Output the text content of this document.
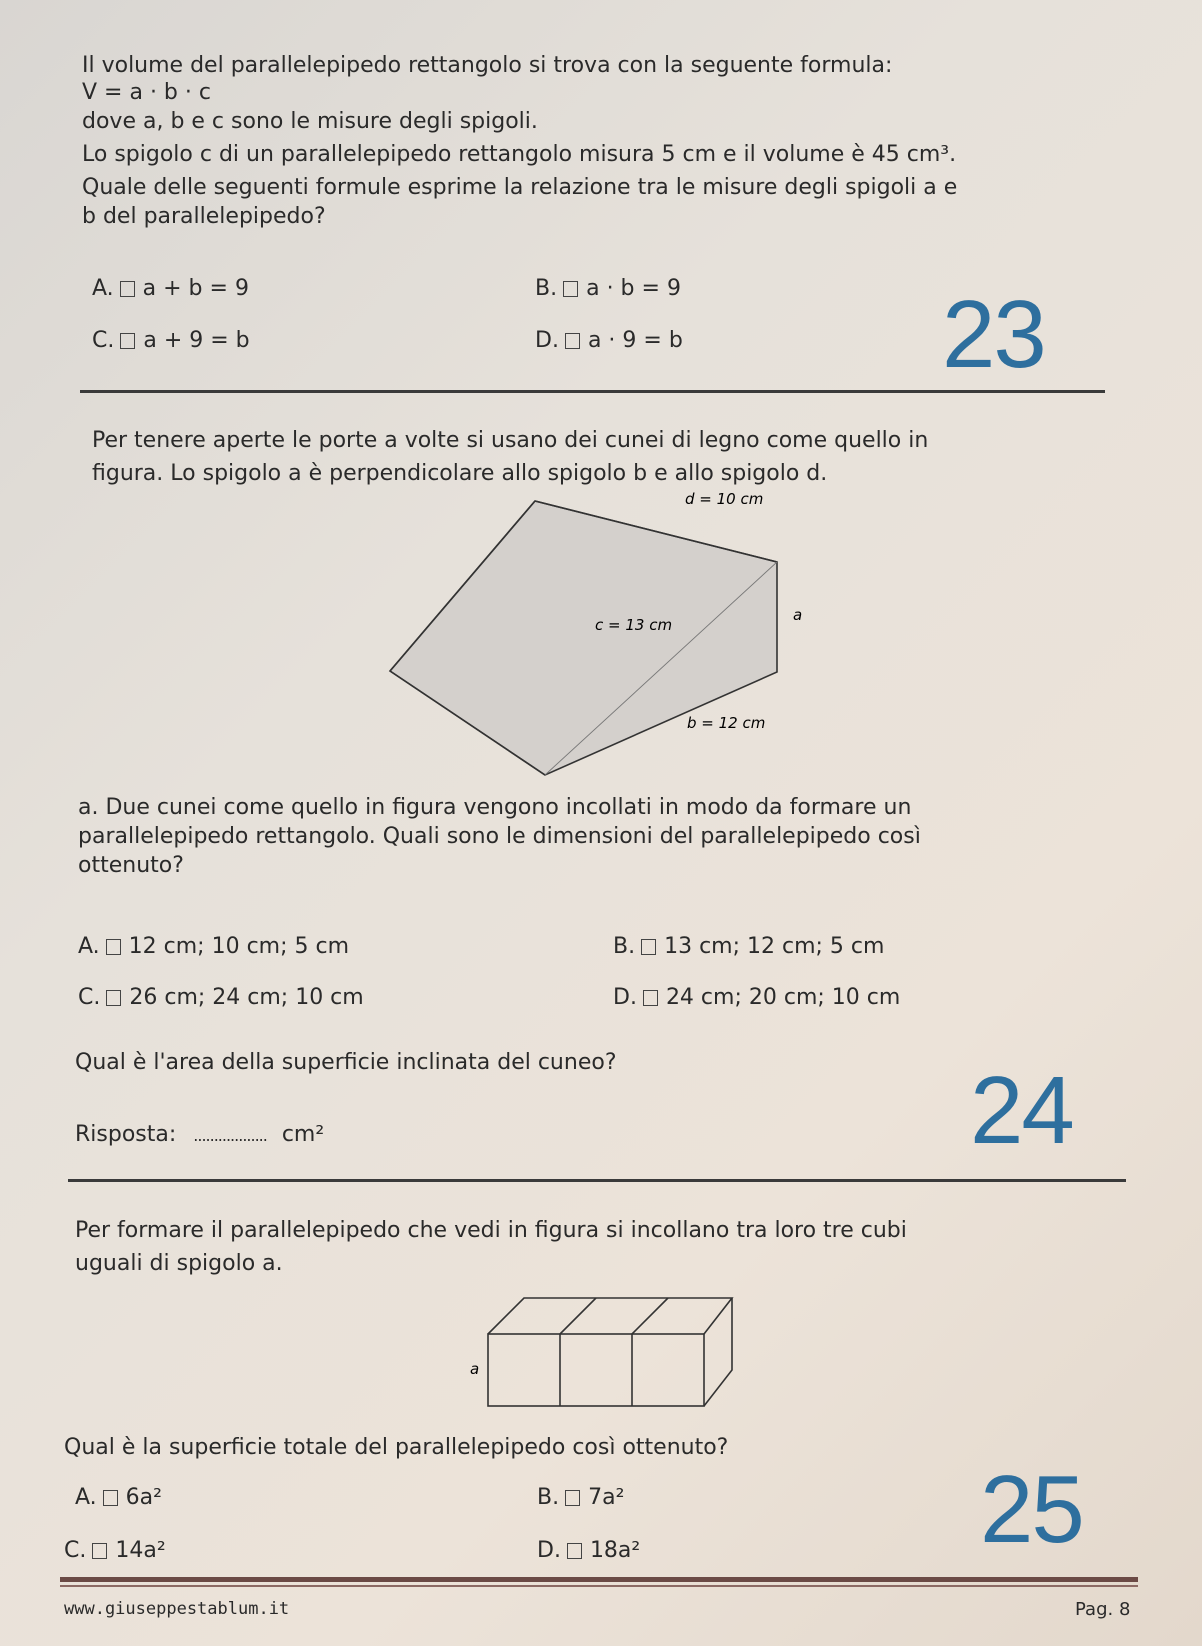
Il volume del parallelepipedo rettangolo si trova con la seguente formula:
V = a · b · c
dove a, b e c sono le misure degli spigoli.
Lo spigolo c di un parallelepipedo rettangolo misura 5 cm e il volume è 45 cm³.
Quale delle seguenti formule esprime la relazione tra le misure degli spigoli a e
b del parallelepipedo?
A. a + b = 9	B. a · b = 9
C. a + 9 = b	D. a · 9 = b	23
Per tenere aperte le porte a volte si usano dei cunei di legno come quello in
figura. Lo spigolo a è perpendicolare allo spigolo b e allo spigolo d.
d = 10 cm
c = 13 cm
a
b = 12 cm
a. Due cunei come quello in figura vengono incollati in modo da formare un
parallelepipedo rettangolo. Quali sono le dimensioni del parallelepipedo così
ottenuto?
A. 12 cm; 10 cm; 5 cm	B. 13 cm; 12 cm; 5 cm
C. 26 cm; 24 cm; 10 cm	D. 24 cm; 20 cm; 10 cm
Qual è l'area della superficie inclinata del cuneo?
Risposta: .................. cm²	24
Per formare il parallelepipedo che vedi in figura si incollano tra loro tre cubi
uguali di spigolo a.
a
Qual è la superficie totale del parallelepipedo così ottenuto?
A. 6a²	B. 7a²
C. 14a²	D. 18a²	25
www.giuseppestablum.it	Pag. 8
